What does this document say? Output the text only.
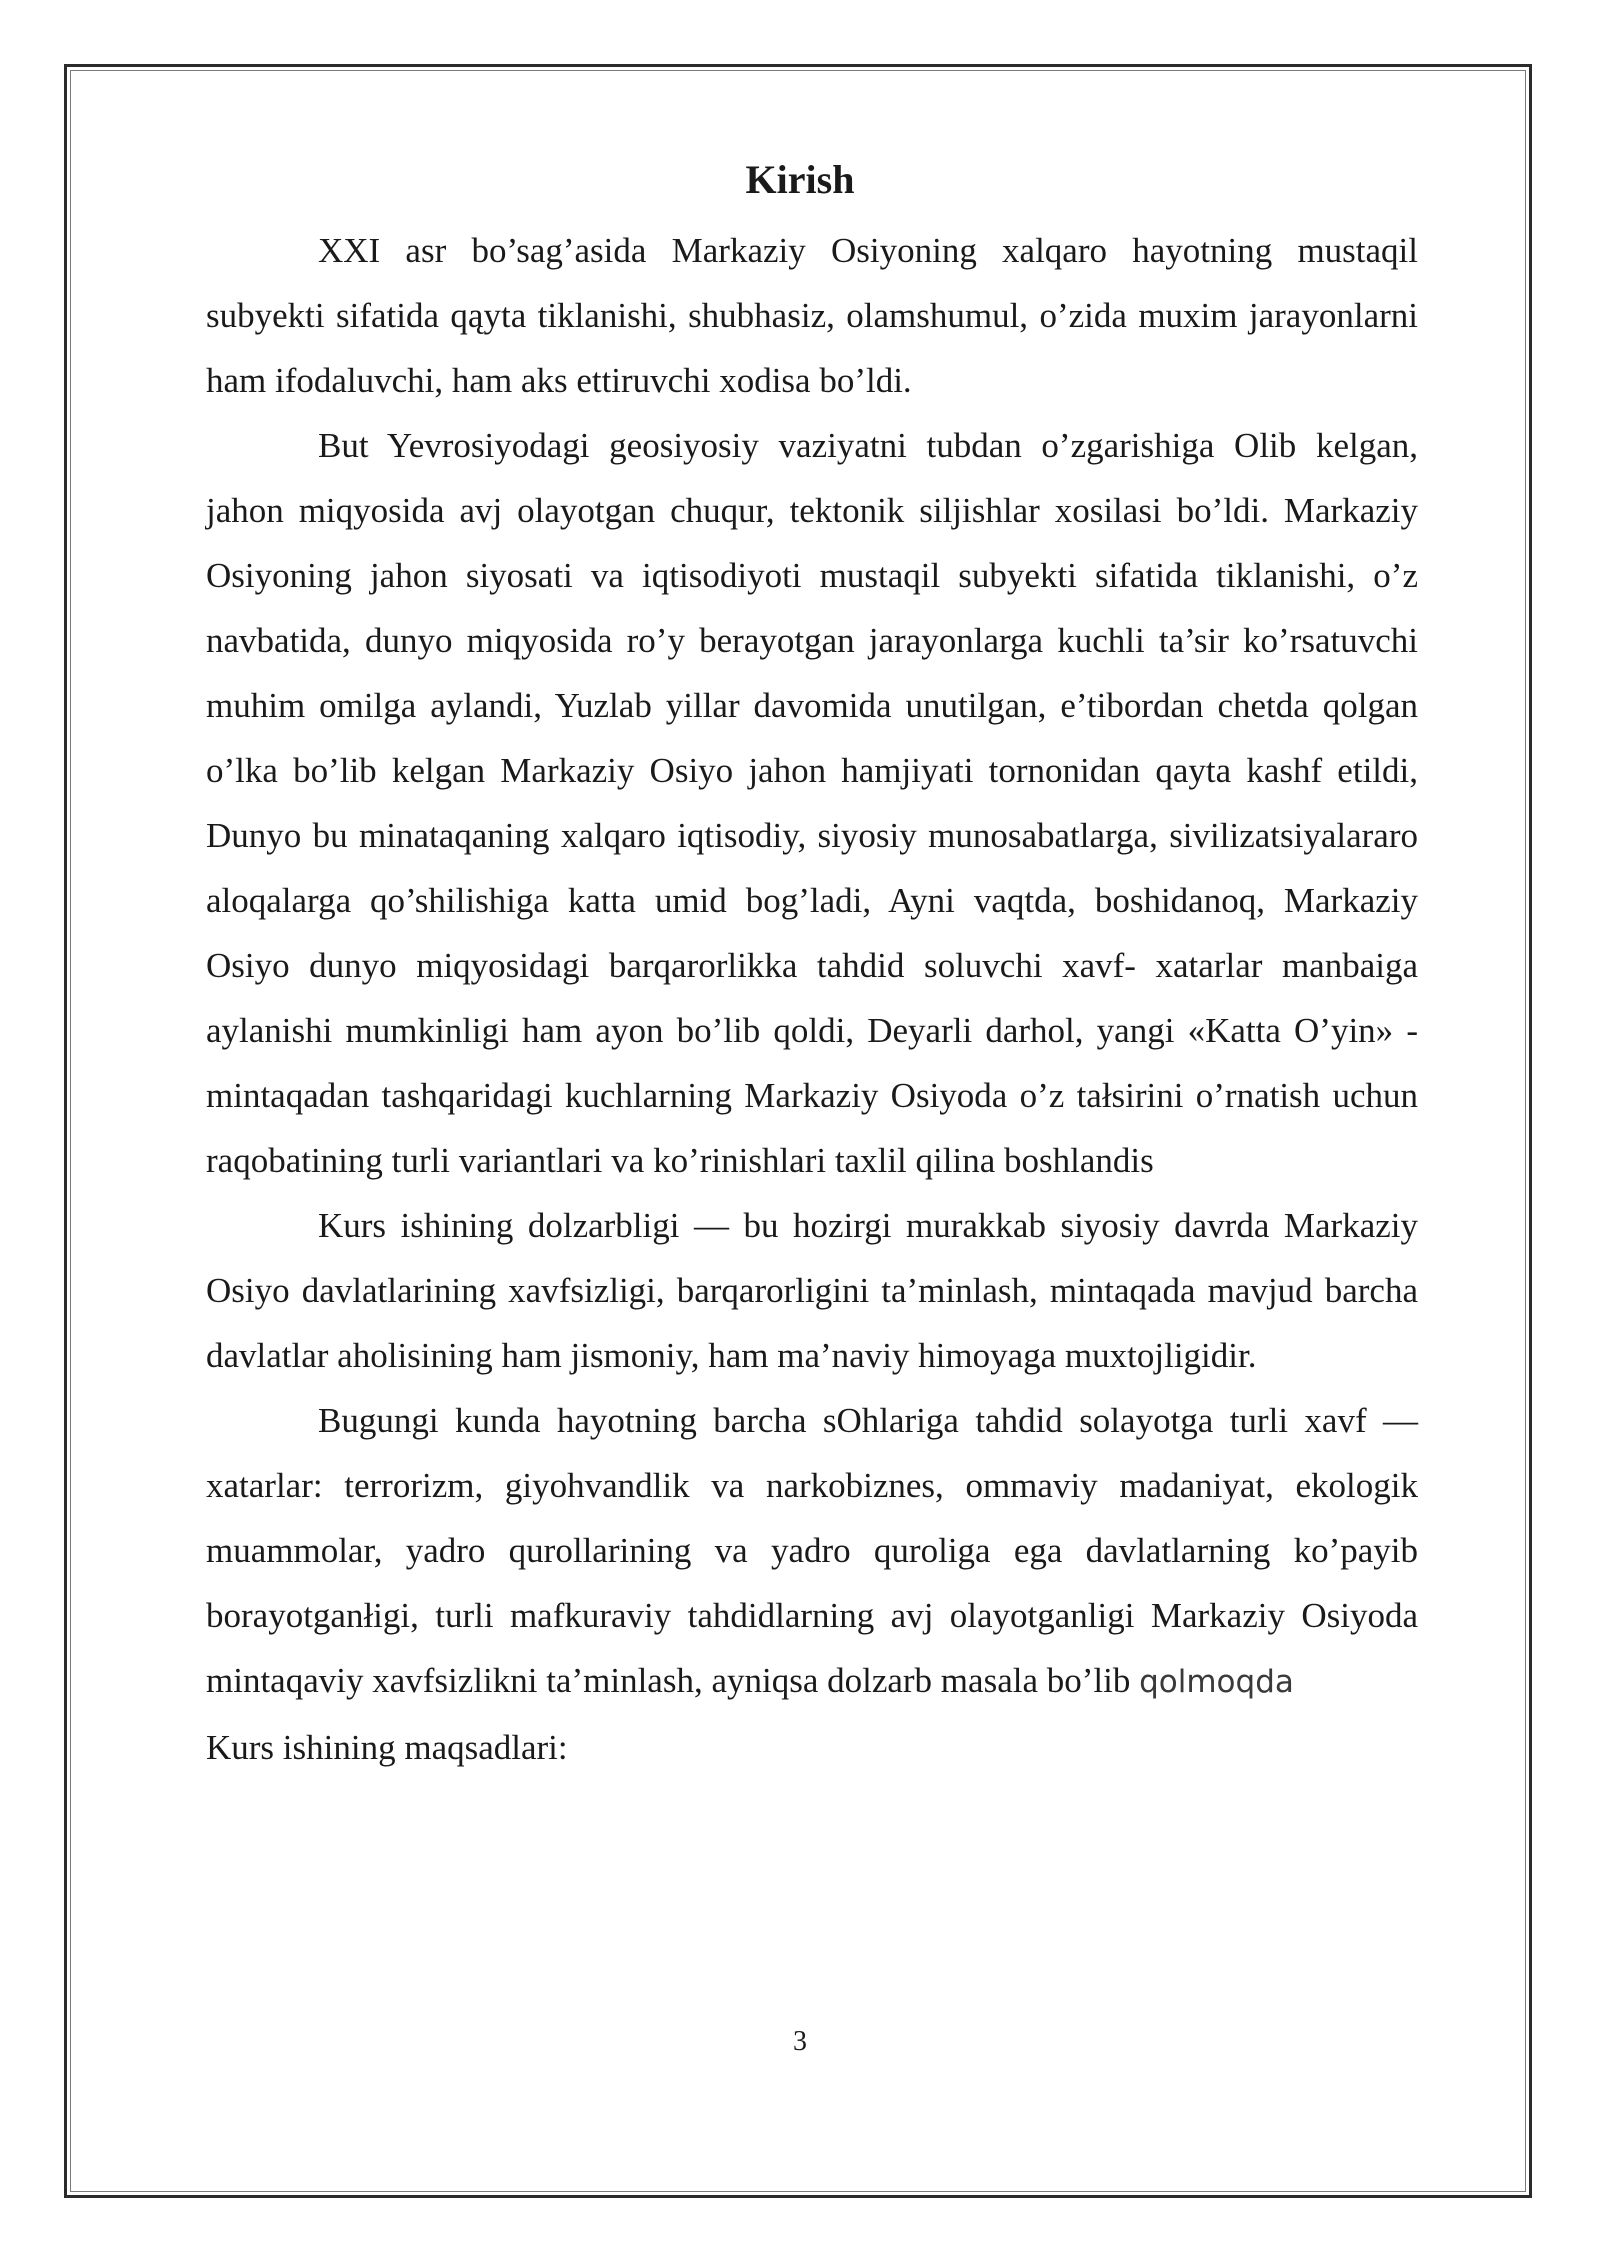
Kirish

XXI asr bo’sag’asida Markaziy Osiyoning xalqaro hayotning mustaqil subyekti sifatida qąyta tiklanishi, shubhasiz, olamshumul, o’zida muxim jarayonlarni ham ifodaluvchi, ham aks ettiruvchi xodisa bo’ldi.

But Yevrosiyodagi geosiyosiy vaziyatni tubdan o’zgarishiga Olib kelgan, jahon miqyosida avj olayotgan chuqur, tektonik siljishlar xosilasi bo’ldi. Markaziy Osiyoning jahon siyosati va iqtisodiyoti mustaqil subyekti sifatida tiklanishi, o’z navbatida, dunyo miqyosida ro’y berayotgan jarayonlarga kuchli ta’sir ko’rsatuvchi muhim omilga aylandi, Yuzlab yillar davomida unutilgan, e’tibordan chetda qolgan o’lka bo’lib kelgan Markaziy Osiyo jahon hamjiyati tornonidan qayta kashf etildi, Dunyo bu minataqaning xalqaro iqtisodiy, siyosiy munosabatlarga, sivilizatsiyalararo aloqalarga qo’shilishiga katta umid bog’ladi, Ayni vaqtda, boshidanoq, Markaziy Osiyo dunyo miqyosidagi barqarorlikka tahdid soluvchi xavf- xatarlar manbaiga aylanishi mumkinligi ham ayon bo’lib qoldi, Deyarli darhol, yangi «Katta O’yin» - mintaqadan tashqaridagi kuchlarning Markaziy Osiyoda o’z tałsirini o’rnatish uchun raqobatining turli variantlari va ko’rinishlari taxlil qilina boshlandis

Kurs ishining dolzarbligi — bu hozirgi murakkab siyosiy davrda Markaziy Osiyo davlatlarining xavfsizligi, barqarorligini ta’minlash, mintaqada mavjud barcha davlatlar aholisining ham jismoniy, ham ma’naviy himoyaga muxtojligidir.

Bugungi kunda hayotning barcha sOhlariga tahdid solayotga turli xavf — xatarlar: terrorizm, giyohvandlik va narkobiznes, ommaviy madaniyat, ekologik muammolar, yadro qurollarining va yadro quroliga ega davlatlarning ko’payib borayotganłigi, turli mafkuraviy tahdidlarning avj olayotganligi Markaziy Osiyoda mintaqaviy xavfsizlikni ta’minlash, ayniqsa dolzarb masala bo’lib qolmoqda

Kurs ishining maqsadlari:

3
